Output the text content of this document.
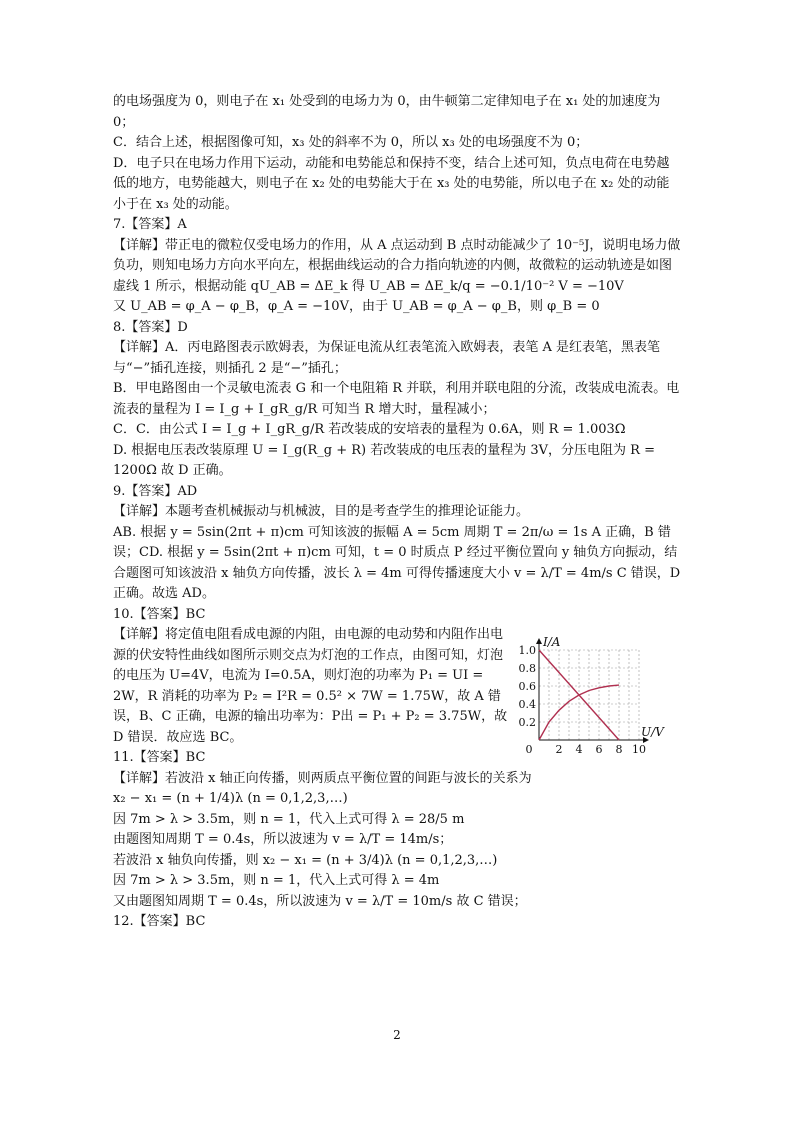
的电场强度为 0，则电子在 x₁ 处受到的电场力为 0，由牛顿第二定律知电子在 x₁ 处的加速度为 0；

C．结合上述，根据图像可知，x₃ 处的斜率不为 0，所以 x₃ 处的电场强度不为 0；

D．电子只在电场力作用下运动，动能和电势能总和保持不变，结合上述可知，负点电荷在电势越低的地方，电势能越大，则电子在 x₂ 处的电势能大于在 x₃ 处的电势能，所以电子在 x₂ 处的动能小于在 x₃ 处的动能。

7.【答案】A

【详解】带正电的微粒仅受电场力的作用，从 A 点运动到 B 点时动能减少了 10⁻⁵J，说明电场力做负功，则知电场力方向水平向左，根据曲线运动的合力指向轨迹的内侧，故微粒的运动轨迹是如图虚线 1 所示，根据动能 qU_AB = ΔE_k 得 U_AB = ΔE_k/q = −0.1/10⁻² V = −10V

又 U_AB = φ_A − φ_B，φ_A = −10V，由于 U_AB = φ_A − φ_B，则 φ_B = 0

8.【答案】D

【详解】A．丙电路图表示欧姆表，为保证电流从红表笔流入欧姆表，表笔 A 是红表笔，黑表笔与“−”插孔连接，则插孔 2 是“−”插孔；

B．甲电路图由一个灵敏电流表 G 和一个电阻箱 R 并联，利用并联电阻的分流，改装成电流表。电流表的量程为 I = I_g + I_gR_g/R 可知当 R 增大时，量程减小；

C．C．由公式 I = I_g + I_gR_g/R 若改装成的安培表的量程为 0.6A，则 R = 1.003Ω

D. 根据电压表改装原理 U = I_g(R_g + R) 若改装成的电压表的量程为 3V，分压电阻为 R = 1200Ω 故 D 正确。

9.【答案】AD

【详解】本题考查机械振动与机械波，目的是考查学生的推理论证能力。

AB. 根据 y = 5sin(2πt + π)cm 可知该波的振幅 A = 5cm 周期 T = 2π/ω = 1s A 正确，B 错误；CD. 根据 y = 5sin(2πt + π)cm 可知，t = 0 时质点 P 经过平衡位置向 y 轴负方向振动，结合题图可知该波沿 x 轴负方向传播，波长 λ = 4m 可得传播速度大小 v = λ/T = 4m/s C 错误，D 正确。故选 AD。

10.【答案】BC

【详解】将定值电阻看成电源的内阻，由电源的电动势和内阻作出电源的伏安特性曲线如图所示则交点为灯泡的工作点，由图可知，灯泡的电压为 U=4V，电流为 I=0.5A，则灯泡的功率为 P₁ = UI = 2W，R 消耗的功率为 P₂ = I²R = 0.5² × 7W = 1.75W，故 A 错误，B、C 正确，电源的输出功率为：P出 = P₁ + P₂ = 3.75W，故 D 错误．故应选 BC。

11.【答案】BC

【详解】若波沿 x 轴正向传播，则两质点平衡位置的间距与波长的关系为

x₂ − x₁ = (n + 1/4)λ (n = 0,1,2,3,…)

因 7m > λ > 3.5m，则 n = 1，代入上式可得 λ = 28/5 m

由题图知周期 T = 0.4s，所以波速为 v = λ/T = 14m/s；

若波沿 x 轴负向传播，则 x₂ − x₁ = (n + 3/4)λ (n = 0,1,2,3,…)

因 7m > λ > 3.5m，则 n = 1，代入上式可得 λ = 4m

又由题图知周期 T = 0.4s，所以波速为 v = λ/T = 10m/s 故 C 错误；

12.【答案】BC

0 2 4 6 8 10
0.2
0.4
0.6
0.8
1.0
U/V
I/A
2
